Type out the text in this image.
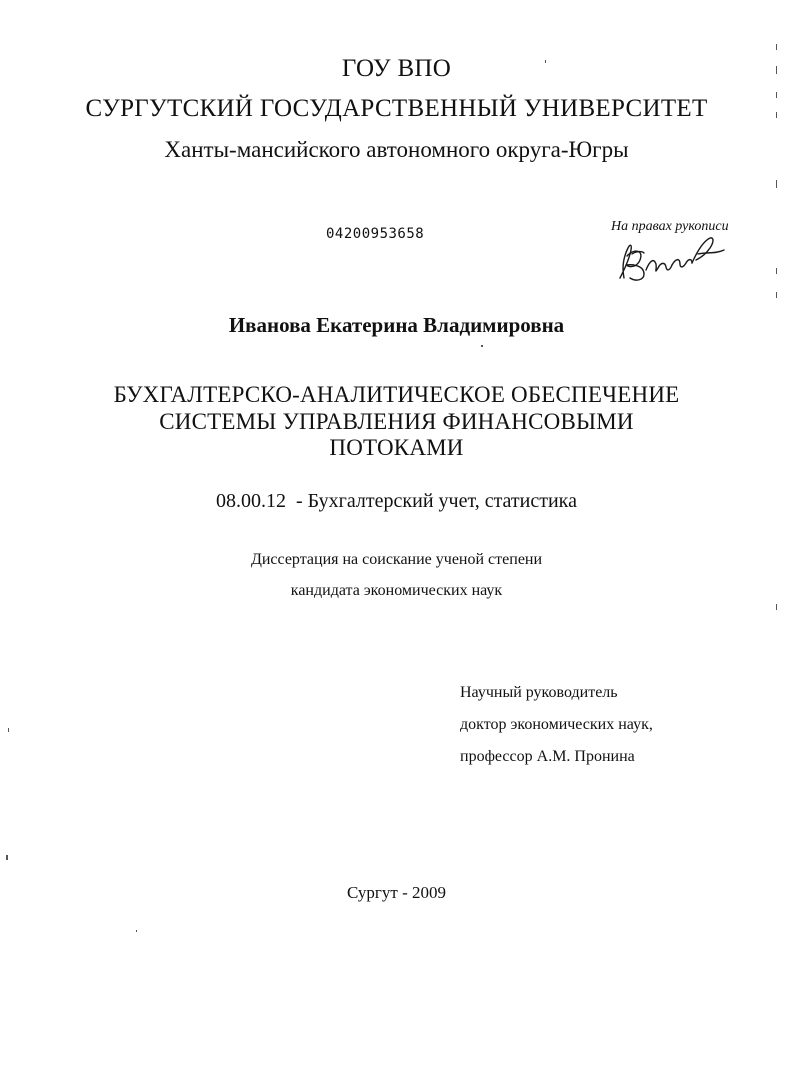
ГОУ ВПО
СУРГУТСКИЙ ГОСУДАРСТВЕННЫЙ УНИВЕРСИТЕТ
Ханты-мансийского автономного округа-Югры
04200953658	На правах рукописи
Иванова Екатерина Владимировна
БУХГАЛТЕРСКО-АНАЛИТИЧЕСКОЕ ОБЕСПЕЧЕНИЕ
СИСТЕМЫ УПРАВЛЕНИЯ ФИНАНСОВЫМИ
ПОТОКАМИ
08.00.12 - Бухгалтерский учет, статистика
Диссертация на соискание ученой степени
кандидата экономических наук
Научный руководитель
доктор экономических наук,
профессор А.М. Пронина
Сургут - 2009
